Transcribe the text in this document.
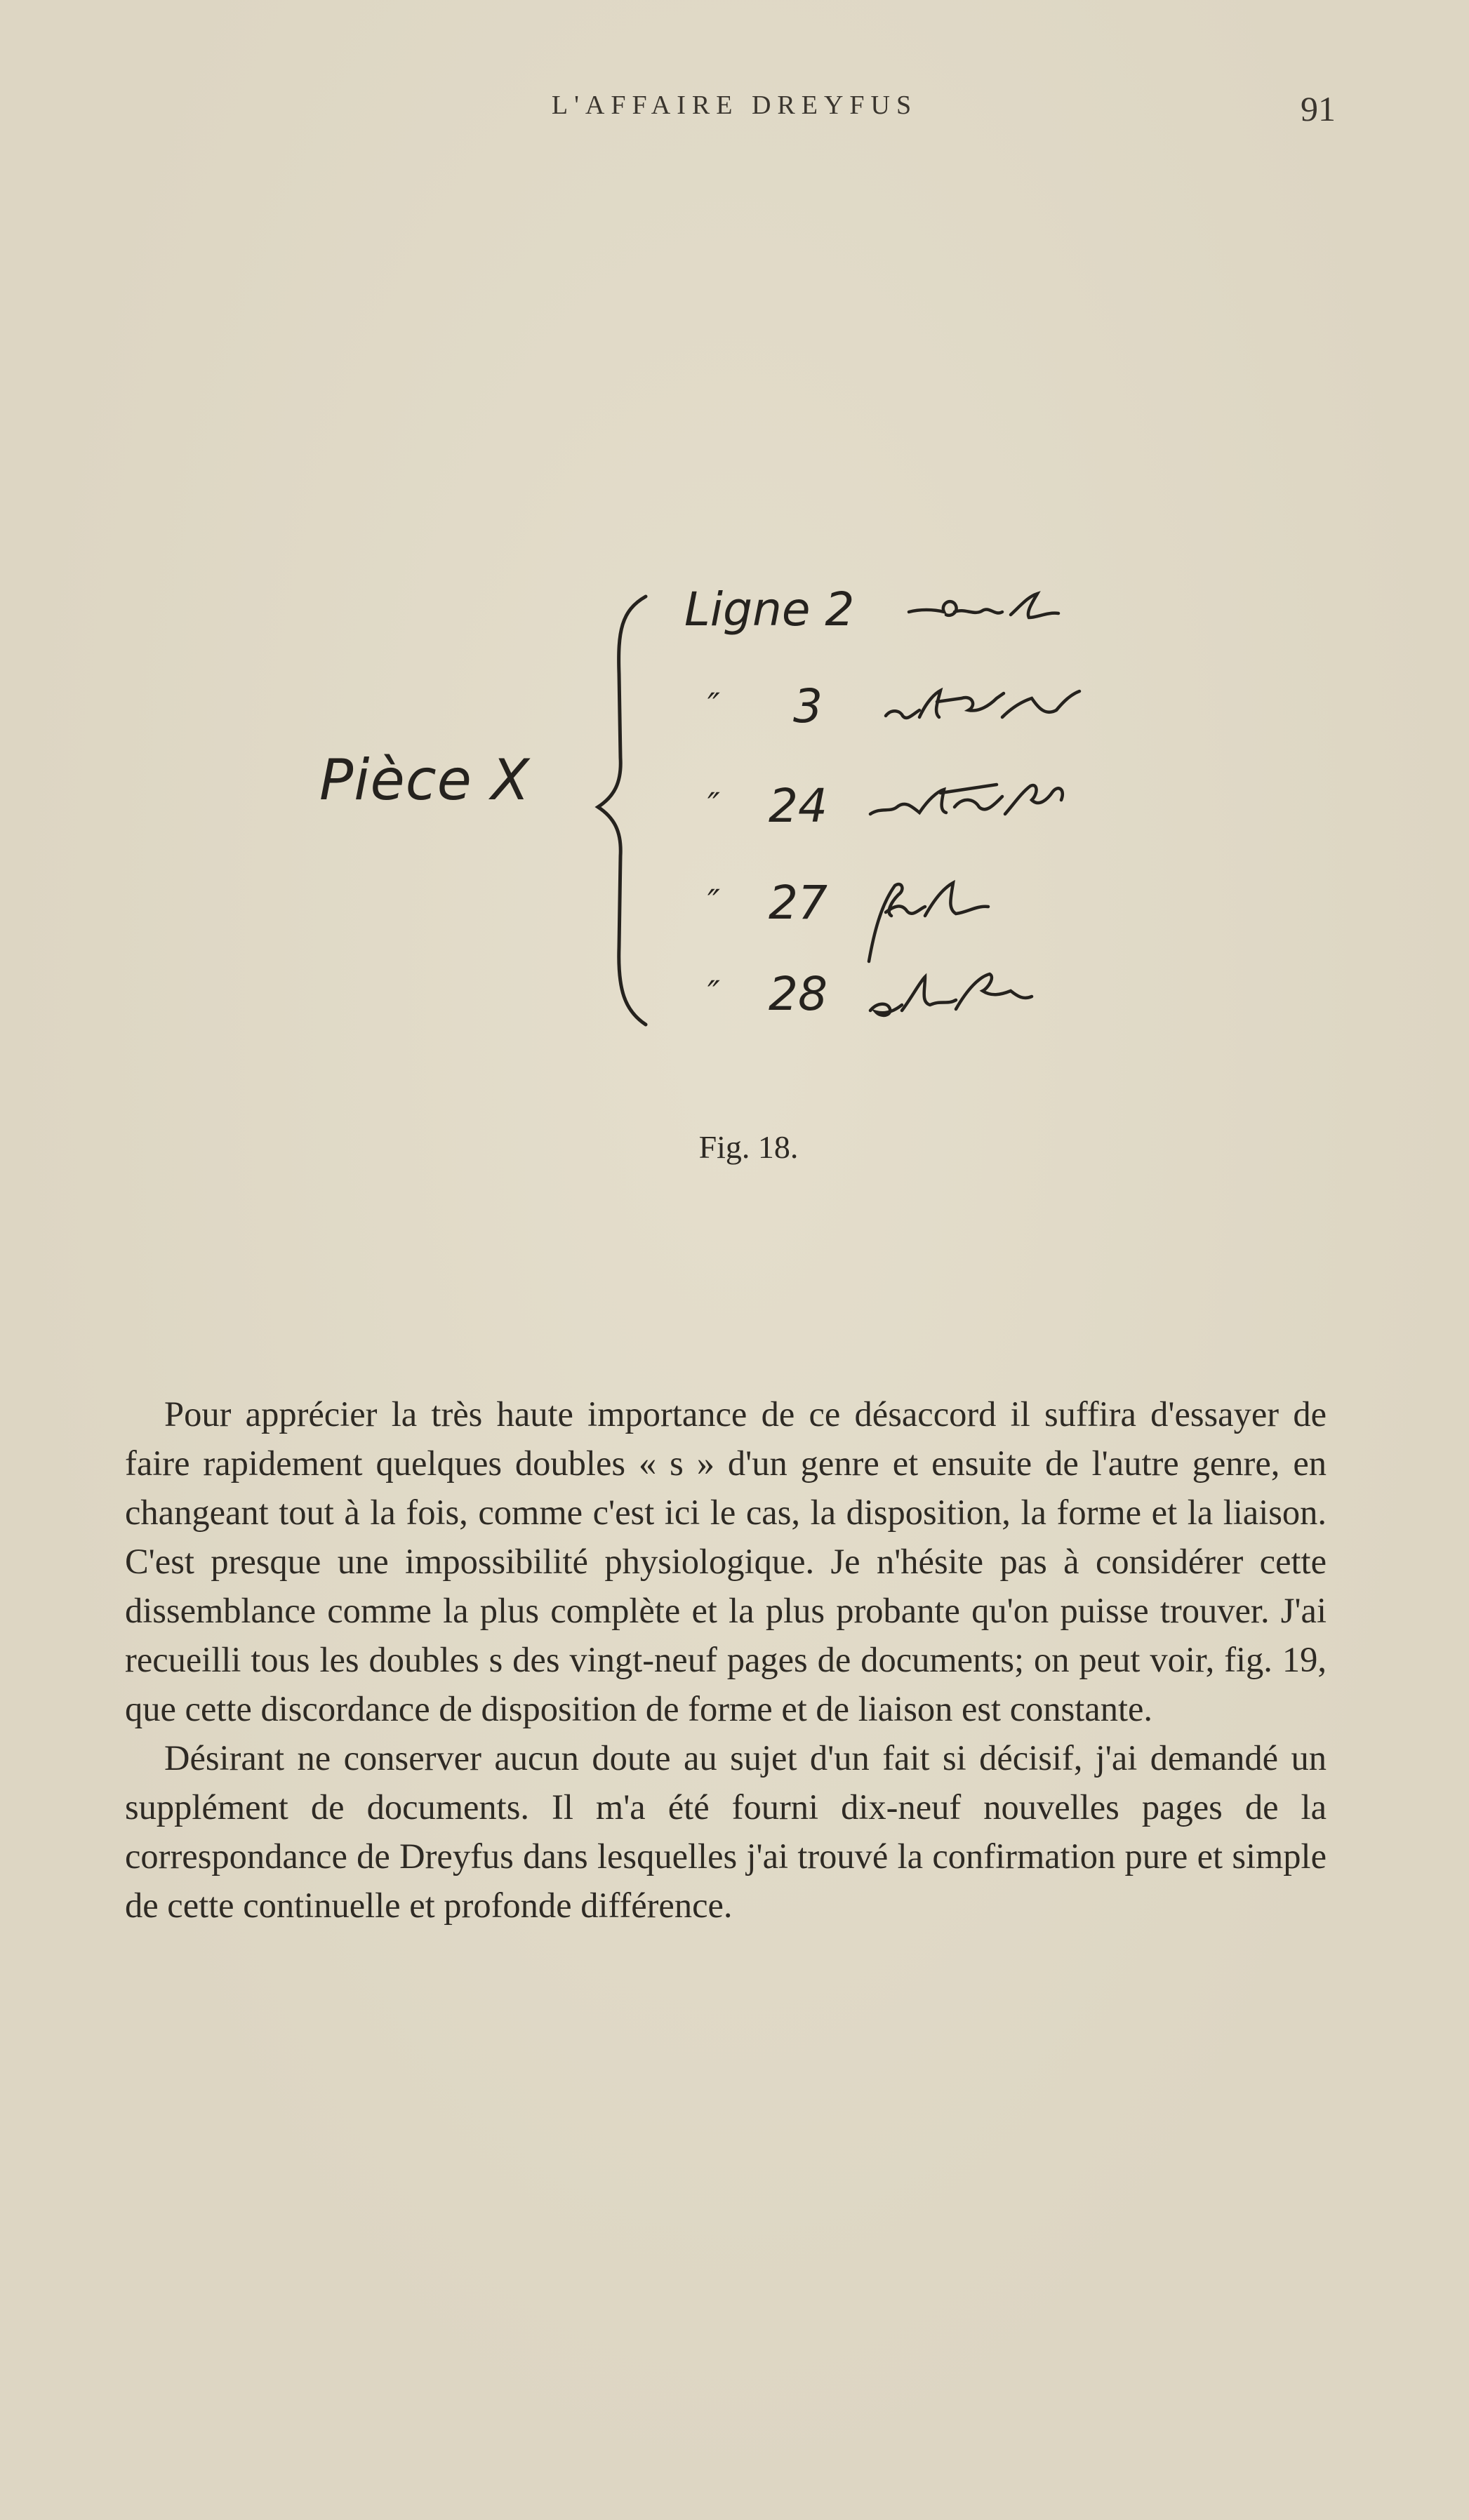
L'AFFAIRE DREYFUS	91
Pièce X
Ligne 2
″ 3
″ 24
″ 27
″ 28
Fig. 18.

Pour apprécier la très haute importance de ce désaccord il suffira d'essayer de faire rapidement quelques doubles « s » d'un genre et ensuite de l'autre genre, en changeant tout à la fois, comme c'est ici le cas, la disposition, la forme et la liaison. C'est presque une impossibilité physiologique. Je n'hésite pas à considérer cette dissemblance comme la plus complète et la plus probante qu'on puisse trouver. J'ai recueilli tous les doubles s des vingt-neuf pages de documents; on peut voir, fig. 19, que cette discordance de disposition de forme et de liaison est constante.

Désirant ne conserver aucun doute au sujet d'un fait si décisif, j'ai demandé un supplément de documents. Il m'a été fourni dix-neuf nouvelles pages de la correspondance de Dreyfus dans lesquelles j'ai trouvé la confirmation pure et simple de cette continuelle et profonde différence.
